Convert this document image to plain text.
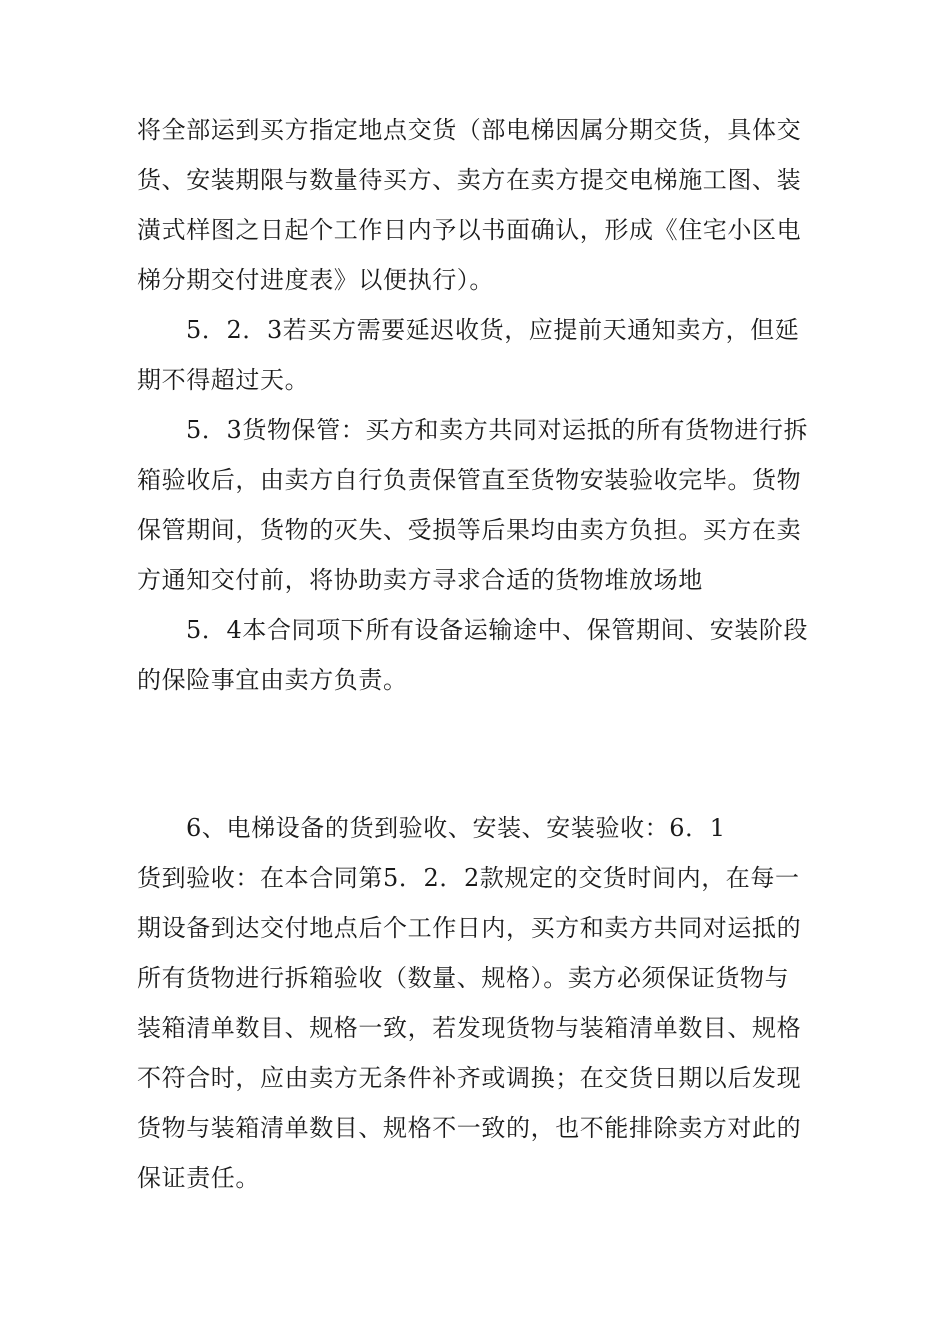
将全部运到买方指定地点交货（部电梯因属分期交货，具体交
货、安装期限与数量待买方、卖方在卖方提交电梯施工图、装
潢式样图之日起个工作日内予以书面确认，形成《住宅小区电
梯分期交付进度表》以便执行）。
5．2．3若买方需要延迟收货，应提前天通知卖方，但延
期不得超过天。
5．3货物保管：买方和卖方共同对运抵的所有货物进行拆
箱验收后，由卖方自行负责保管直至货物安装验收完毕。货物
保管期间，货物的灭失、受损等后果均由卖方负担。买方在卖
方通知交付前，将协助卖方寻求合适的货物堆放场地
5．4本合同项下所有设备运输途中、保管期间、安装阶段
的保险事宜由卖方负责。
6、电梯设备的货到验收、安装、安装验收：6．1
货到验收：在本合同第5．2．2款规定的交货时间内，在每一
期设备到达交付地点后个工作日内，买方和卖方共同对运抵的
所有货物进行拆箱验收（数量、规格）。卖方必须保证货物与
装箱清单数目、规格一致，若发现货物与装箱清单数目、规格
不符合时，应由卖方无条件补齐或调换；在交货日期以后发现
货物与装箱清单数目、规格不一致的，也不能排除卖方对此的
保证责任。
